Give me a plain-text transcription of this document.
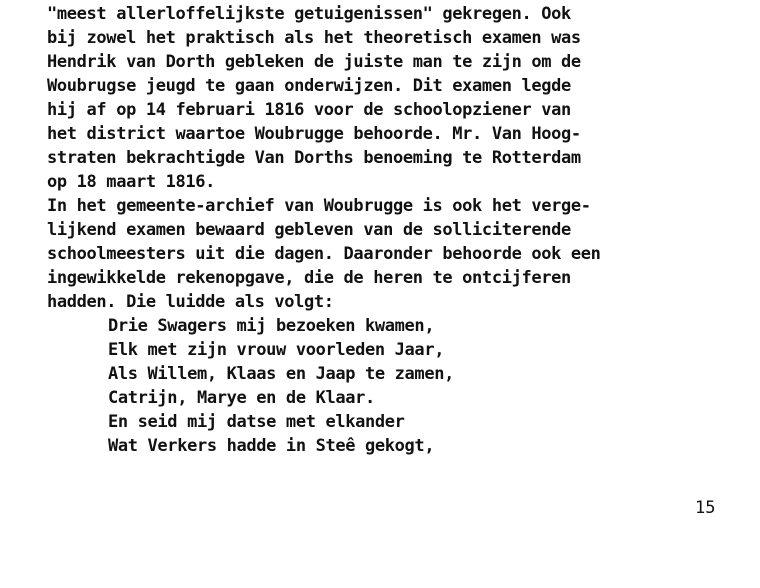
"meest allerloffelijkste getuigenissen" gekregen. Ook
bij zowel het praktisch als het theoretisch examen was
Hendrik van Dorth gebleken de juiste man te zijn om de
Woubrugse jeugd te gaan onderwijzen. Dit examen legde
hij af op 14 februari 1816 voor de schoolopziener van
het district waartoe Woubrugge behoorde. Mr. Van Hoog-
straten bekrachtigde Van Dorths benoeming te Rotterdam
op 18 maart 1816.
In het gemeente-archief van Woubrugge is ook het verge-
lijkend examen bewaard gebleven van de solliciterende
schoolmeesters uit die dagen. Daaronder behoorde ook een
ingewikkelde rekenopgave, die de heren te ontcijferen
hadden. Die luidde als volgt:
Drie Swagers mij bezoeken kwamen,
Elk met zijn vrouw voorleden Jaar,
Als Willem, Klaas en Jaap te zamen,
Catrijn, Marye en de Klaar.
En seid mij datse met elkander
Wat Verkers hadde in Steê gekogt,
15
